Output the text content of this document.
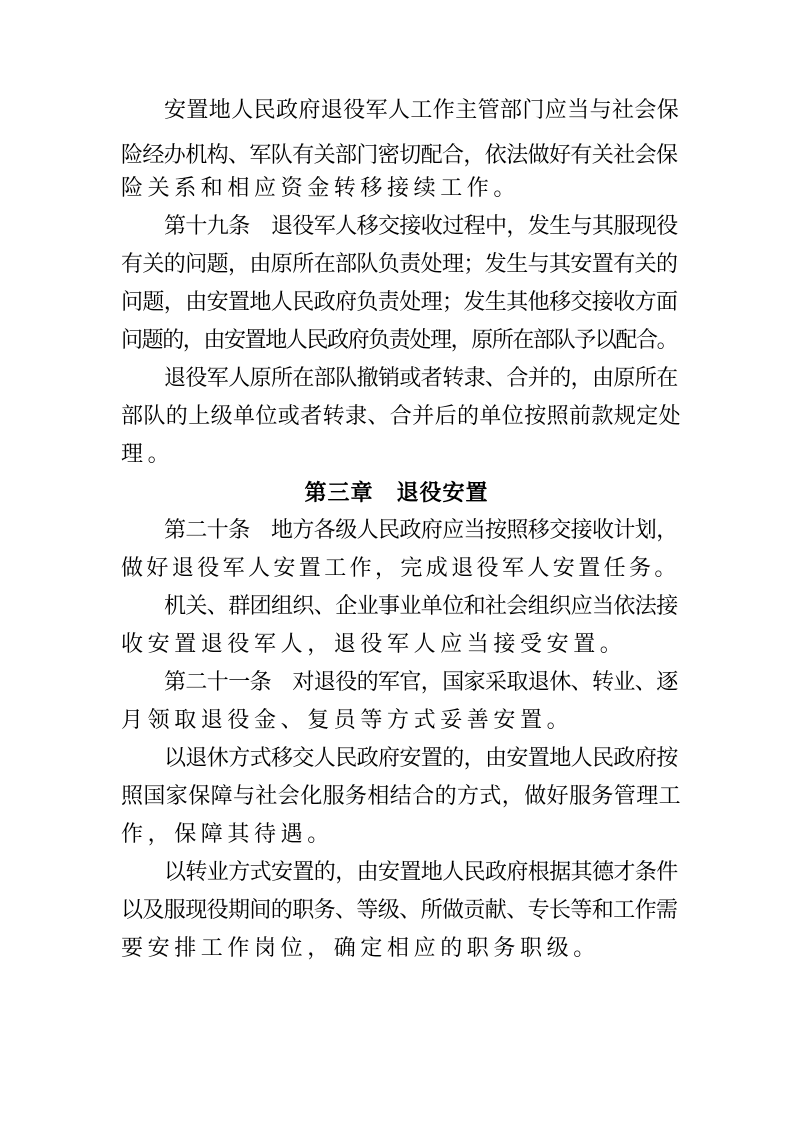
安置地人民政府退役军人工作主管部门应当与社会保
险经办机构、军队有关部门密切配合，依法做好有关社会保
险关系和相应资金转移接续工作。
第十九条　退役军人移交接收过程中，发生与其服现役
有关的问题，由原所在部队负责处理；发生与其安置有关的
问题，由安置地人民政府负责处理；发生其他移交接收方面
问题的，由安置地人民政府负责处理，原所在部队予以配合。
退役军人原所在部队撤销或者转隶、合并的，由原所在
部队的上级单位或者转隶、合并后的单位按照前款规定处
理。
第三章　退役安置
第二十条　地方各级人民政府应当按照移交接收计划，
做好退役军人安置工作，完成退役军人安置任务。
机关、群团组织、企业事业单位和社会组织应当依法接
收安置退役军人，退役军人应当接受安置。
第二十一条　对退役的军官，国家采取退休、转业、逐
月领取退役金、复员等方式妥善安置。
以退休方式移交人民政府安置的，由安置地人民政府按
照国家保障与社会化服务相结合的方式，做好服务管理工
作，保障其待遇。
以转业方式安置的，由安置地人民政府根据其德才条件
以及服现役期间的职务、等级、所做贡献、专长等和工作需
要安排工作岗位，确定相应的职务职级。
